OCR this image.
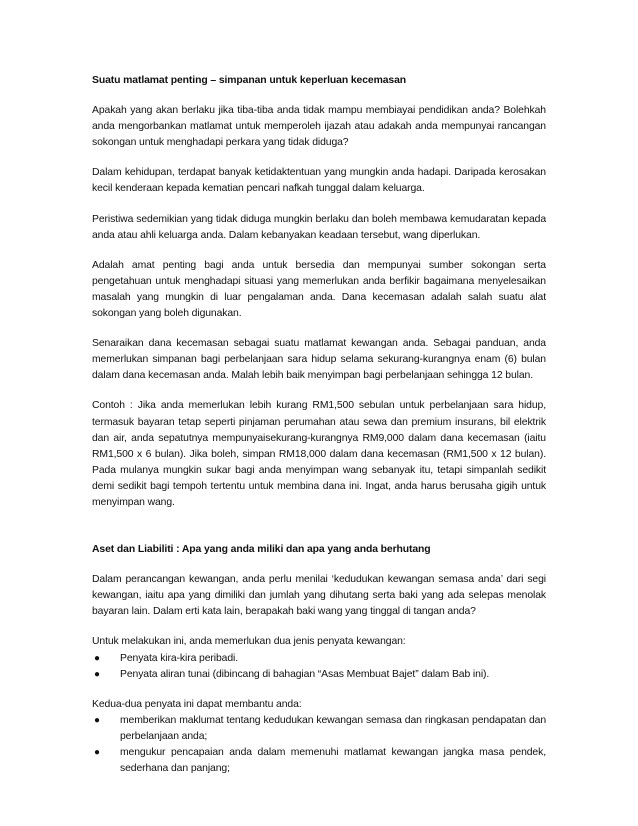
Suatu matlamat penting – simpanan untuk keperluan kecemasan

Apakah yang akan berlaku jika tiba-tiba anda tidak mampu membiayai pendidikan anda? Bolehkah anda mengorbankan matlamat untuk memperoleh ijazah atau adakah anda mempunyai rancangan sokongan untuk menghadapi perkara yang tidak diduga?

Dalam kehidupan, terdapat banyak ketidaktentuan yang mungkin anda hadapi. Daripada kerosakan kecil kenderaan kepada kematian pencari nafkah tunggal dalam keluarga.

Peristiwa sedemikian yang tidak diduga mungkin berlaku dan boleh membawa kemudaratan kepada anda atau ahli keluarga anda. Dalam kebanyakan keadaan tersebut, wang diperlukan.

Adalah amat penting bagi anda untuk bersedia dan mempunyai sumber sokongan serta pengetahuan untuk menghadapi situasi yang memerlukan anda berfikir bagaimana menyelesaikan masalah yang mungkin di luar pengalaman anda. Dana kecemasan adalah salah suatu alat sokongan yang boleh digunakan.

Senaraikan dana kecemasan sebagai suatu matlamat kewangan anda. Sebagai panduan, anda memerlukan simpanan bagi perbelanjaan sara hidup selama sekurang-kurangnya enam (6) bulan dalam dana kecemasan anda. Malah lebih baik menyimpan bagi perbelanjaan sehingga 12 bulan.

Contoh : Jika anda memerlukan lebih kurang RM1,500 sebulan untuk perbelanjaan sara hidup, termasuk bayaran tetap seperti pinjaman perumahan atau sewa dan premium insurans, bil elektrik dan air, anda sepatutnya mempunyaisekurang-kurangnya RM9,000 dalam dana kecemasan (iaitu RM1,500 x 6 bulan). Jika boleh, simpan RM18,000 dalam dana kecemasan (RM1,500 x 12 bulan). Pada mulanya mungkin sukar bagi anda menyimpan wang sebanyak itu, tetapi simpanlah sedikit demi sedikit bagi tempoh tertentu untuk membina dana ini. Ingat, anda harus berusaha gigih untuk menyimpan wang.

Aset dan Liabiliti : Apa yang anda miliki dan apa yang anda berhutang

Dalam perancangan kewangan, anda perlu menilai ‘kedudukan kewangan semasa anda’ dari segi kewangan, iaitu apa yang dimiliki dan jumlah yang dihutang serta baki yang ada selepas menolak bayaran lain. Dalam erti kata lain, berapakah baki wang yang tinggal di tangan anda?

Untuk melakukan ini, anda memerlukan dua jenis penyata kewangan:

● Penyata kira-kira peribadi.
● Penyata aliran tunai (dibincang di bahagian “Asas Membuat Bajet” dalam Bab ini).

Kedua-dua penyata ini dapat membantu anda:

● memberikan maklumat tentang kedudukan kewangan semasa dan ringkasan pendapatan dan perbelanjaan anda;
● mengukur pencapaian anda dalam memenuhi matlamat kewangan jangka masa pendek, sederhana dan panjang;
